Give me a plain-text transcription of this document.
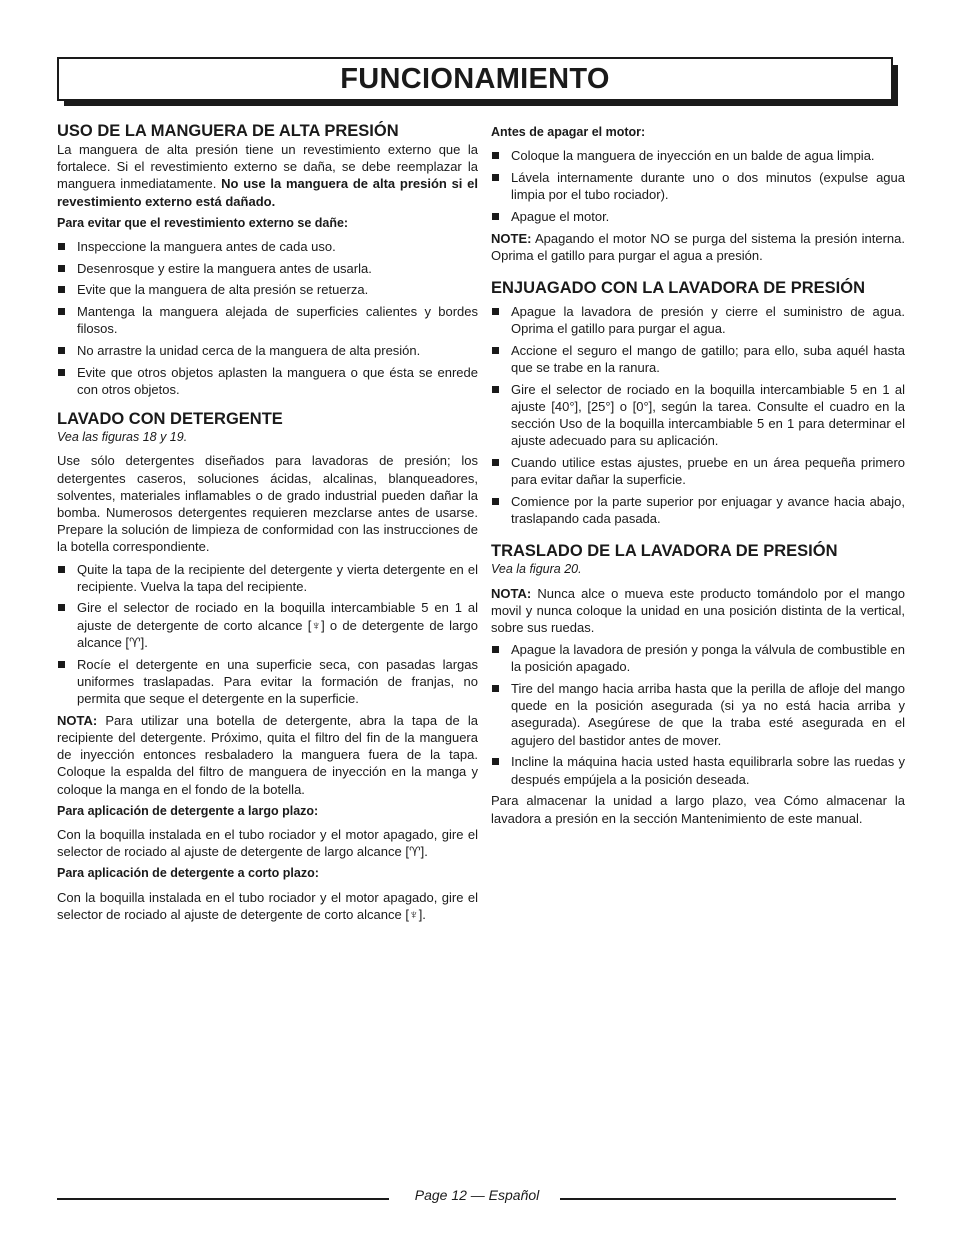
FUNCIONAMIENTO
USO DE LA MANGUERA DE ALTA PRESIÓN

La manguera de alta presión tiene un revestimiento externo que la fortalece. Si el revestimiento externo se daña, se debe reemplazar la manguera inmediatamente. No use la manguera de alta presión si el revestimiento externo está dañado.

Para evitar que el revestimiento externo se dañe:
Inspeccione la manguera antes de cada uso.
Desenrosque y estire la manguera antes de usarla.
Evite que la manguera de alta presión se retuerza.
Mantenga la manguera alejada de superficies calientes y bordes filosos.
No arrastre la unidad cerca de la manguera de alta presión.
Evite que otros objetos aplasten la manguera o que ésta se enrede con otros objetos.
LAVADO CON DETERGENTE
Vea las figuras 18 y 19.

Use sólo detergentes diseñados para lavadoras de presión; los detergentes caseros, soluciones ácidas, alcalinas, blanqueadores, solventes, materiales inflamables o de grado industrial pueden dañar la bomba. Numerosos detergentes requieren mezclarse antes de usarse. Prepare la solución de limpieza de conformidad con las instrucciones de la botella correspondiente.

Quite la tapa de la recipiente del detergente y vierta detergente en el recipiente. Vuelva la tapa del recipiente.
Gire el selector de rociado en la boquilla intercambiable 5 en 1 al ajuste de detergente de corto alcance [♆] o de detergente de largo alcance [♈].
Rocíe el detergente en una superficie seca, con pasadas largas uniformes traslapadas. Para evitar la formación de franjas, no permita que seque el detergente en la superficie.

NOTA: Para utilizar una botella de detergente, abra la tapa de la recipiente del detergente. Próximo, quita el filtro del fin de la manguera de inyección entonces resbaladero la manguera fuera de la tapa. Coloque la espalda del filtro de manguera de inyección en la manga y coloque la manga en el fondo de la botella.

Para aplicación de detergente a largo plazo:

Con la boquilla instalada en el tubo rociador y el motor apagado, gire el selector de rociado al ajuste de detergente de largo alcance [♈].

Para aplicación de detergente a corto plazo:

Con la boquilla instalada en el tubo rociador y el motor apagado, gire el selector de rociado al ajuste de detergente de corto alcance [♆].

Antes de apagar el motor:
Coloque la manguera de inyección en un balde de agua limpia.
Lávela internamente durante uno o dos minutos (expulse agua limpia por el tubo rociador).
Apague el motor.

NOTE: Apagando el motor NO se purga del sistema la presión interna. Oprima el gatillo para purgar el agua a presión.

ENJUAGADO CON LA LAVADORA DE PRESIÓN
Apague la lavadora de presión y cierre el suministro de agua. Oprima el gatillo para purgar el agua.
Accione el seguro el mango de gatillo; para ello, suba aquél hasta que se trabe en la ranura.
Gire el selector de rociado en la boquilla intercambiable 5 en 1 al ajuste [40°], [25°] o [0°], según la tarea. Consulte el cuadro en la sección Uso de la boquilla intercambiable 5 en 1 para determinar el ajuste adecuado para su aplicación.
Cuando utilice estas ajustes, pruebe en un área pequeña primero para evitar dañar la superficie.
Comience por la parte superior por enjuagar y avance hacia abajo, traslapando cada pasada.
TRASLADO DE LA LAVADORA DE PRESIÓN
Vea la figura 20.

NOTA: Nunca alce o mueva este producto tomándolo por el mango movil y nunca coloque la unidad en una posición distinta de la vertical, sobre sus ruedas.

Apague la lavadora de presión y ponga la válvula de combustible en la posición apagado.
Tire del mango hacia arriba hasta que la perilla de afloje del mango quede en la posición asegurada (si ya no está hacia arriba y asegurada). Asegúrese de que la traba esté asegurada en el agujero del bastidor antes de mover.
Incline la máquina hacia usted hasta equilibrarla sobre las ruedas y después empújela a la posición deseada.

Para almacenar la unidad a largo plazo, vea Cómo almacenar la lavadora a presión en la sección Mantenimiento de este manual.

Page 12 — Español
